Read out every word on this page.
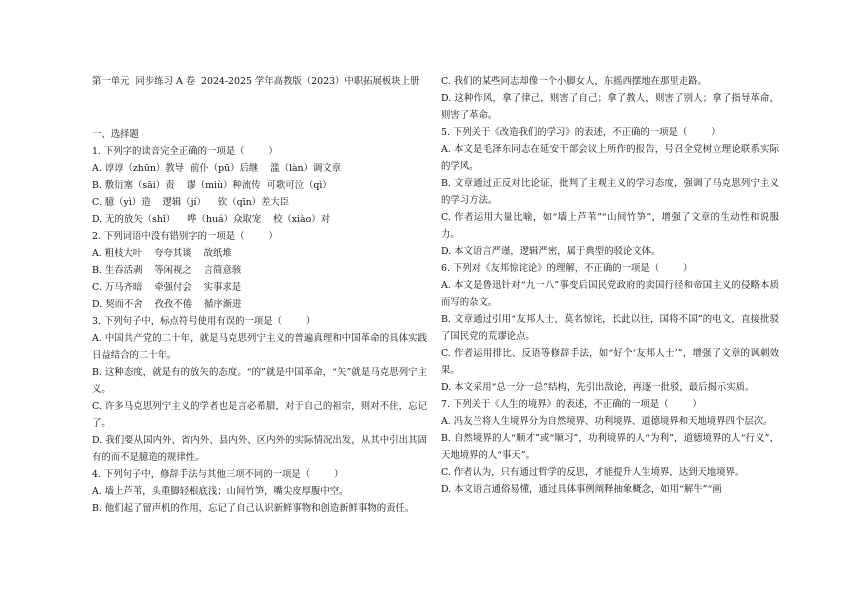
第一单元  同步练习 A 卷  2024-2025 学年高教版（2023）中职拓展板块上册
一、选择题
1. 下列字的读音完全正确的一项是（        ）
A. 谆谆（zhūn）教导  前仆（pū）后继    滥（làn）调文章
B. 敷衍塞（sāi）责    谬（miù）种流传  可歌可泣（qì）
C. 臆（yì）造    逻辑（jí）    钦（qīn）差大臣
D. 无的放矢（shǐ）    哗（huá）众取宠    校（xiào）对
2. 下列词语中没有错别字的一项是（        ）
A. 粗枝大叶    夸夸其谈    故纸堆
B. 生吞活剥    等闲视之    言简意骇
C. 万马齐暗    牵强付会    实事求是
D. 契而不舍    孜孜不倦    循序渐进
3. 下列句子中，标点符号使用有误的一项是（        ）
A. 中国共产党的二十年，就是马克思列宁主义的普遍真理和中国革命的具体实践日益结合的二十年。
B. 这种态度，就是有的放矢的态度。“的”就是中国革命，“矢”就是马克思列宁主义。
C. 许多马克思列宁主义的学者也是言必希腊，对于自己的祖宗，则对不住，忘记了。
D. 我们要从国内外、省内外、县内外、区内外的实际情况出发，从其中引出其固有的而不是臆造的规律性。
4. 下列句子中，修辞手法与其他三项不同的一项是（        ）
A. 墙上芦苇，头重脚轻根底浅；山间竹笋，嘴尖皮厚腹中空。
B. 他们起了留声机的作用，忘记了自己认识新鲜事物和创造新鲜事物的责任。
C. 我们的某些同志却像一个小脚女人，东摇西摆地在那里走路。
D. 这种作风，拿了律己，则害了自己；拿了教人，则害了别人；拿了指导革命，则害了革命。
5. 下列关于《改造我们的学习》的表述，不正确的一项是（        ）
A. 本文是毛泽东同志在延安干部会议上所作的报告，号召全党树立理论联系实际的学风。
B. 文章通过正反对比论证，批判了主观主义的学习态度，强调了马克思列宁主义的学习方法。
C. 作者运用大量比喻，如“墙上芦苇”“山间竹笋”，增强了文章的生动性和说服力。
D. 本文语言严谨，逻辑严密，属于典型的驳论文体。
6. 下列对《友邦惊诧论》的理解，不正确的一项是（        ）
A. 本文是鲁迅针对“九一八”事变后国民党政府的卖国行径和帝国主义的侵略本质而写的杂文。
B. 文章通过引用“友邦人士，莫名惊诧，长此以往，国将不国”的电文，直接批驳了国民党的荒谬论点。
C. 作者运用排比、反语等修辞手法，如“好个‘友邦人士’”，增强了文章的讽刺效果。
D. 本文采用“总一分一总”结构，先引出敌论，再逐一批驳，最后揭示实质。
7. 下列关于《人生的境界》的表述，不正确的一项是（        ）
A. 冯友兰将人生境界分为自然境界、功利境界、道德境界和天地境界四个层次。
B. 自然境界的人“顺才”或“顺习”，功利境界的人“为利”，道德境界的人“行义”，天地境界的人“事天”。
C. 作者认为，只有通过哲学的反思，才能提升人生境界，达到天地境界。
D. 本文语言通俗易懂，通过具体事例阐释抽象概念，如用“解牛”“画
